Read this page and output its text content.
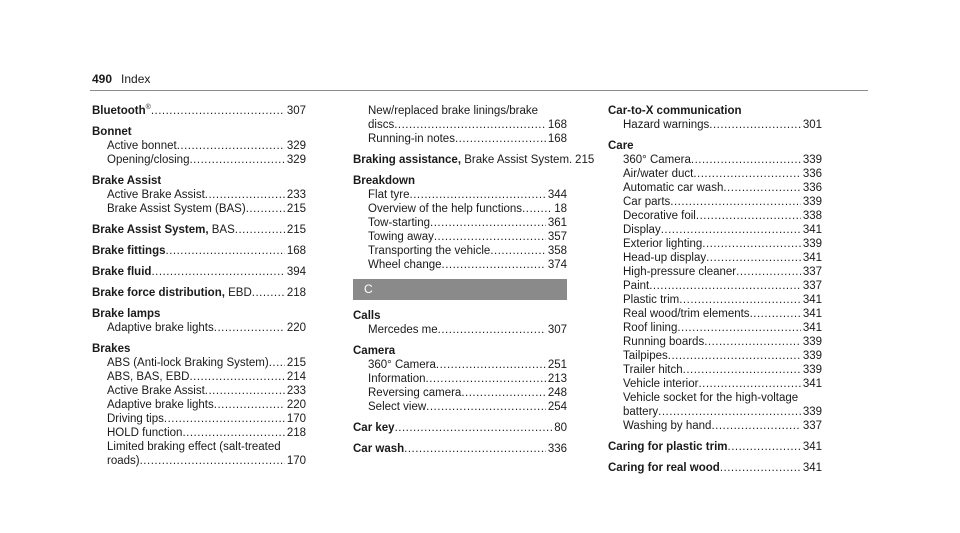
490 Index
Bluetooth® .....	307
Bonnet
Active bonnet .....	329
Opening/closing .....	329
Brake Assist
Active Brake Assist .....	233
Brake Assist System (BAS) .....	215
Brake Assist System, BAS .....	215
Brake fittings .....	168
Brake fluid .....	394
Brake force distribution, EBD .....	218
Brake lamps
Adaptive brake lights .....	220
Brakes
ABS (Anti-lock Braking System) ..... 215
ABS, BAS, EBD .....	214
Active Brake Assist .....	233
Adaptive brake lights .....	220
Driving tips .....	170
HOLD function .....	218
Limited braking effect (salt-treated
roads) .....	170
New/replaced brake linings/brake
discs .....	168
Running-in notes .....	168
Braking assistance, Brake Assist System ..... 215
Breakdown
Flat tyre .....	344
Overview of the help functions .....	18
Tow-starting .....	361
Towing away .....	357
Transporting the vehicle .....	358
Wheel change .....	374
C
Calls
Mercedes me .....	307
Camera
360° Camera .....	251
Information .....	213
Reversing camera .....	248
Select view .....	254
Car key .....	80
Car wash .....	336
Car-to-X communication
Hazard warnings .....	301
Care
360° Camera .....	339
Air/water duct .....	336
Automatic car wash .....	336
Car parts .....	339
Decorative foil .....	338
Display .....	341
Exterior lighting .....	339
Head-up display .....	341
High-pressure cleaner .....	337
Paint .....	337
Plastic trim .....	341
Real wood/trim elements .....	341
Roof lining .....	341
Running boards .....	339
Tailpipes .....	339
Trailer hitch .....	339
Vehicle interior .....	341
Vehicle socket for the high-voltage
battery .....	339
Washing by hand .....	337
Caring for plastic trim .....	341
Caring for real wood .....	341
